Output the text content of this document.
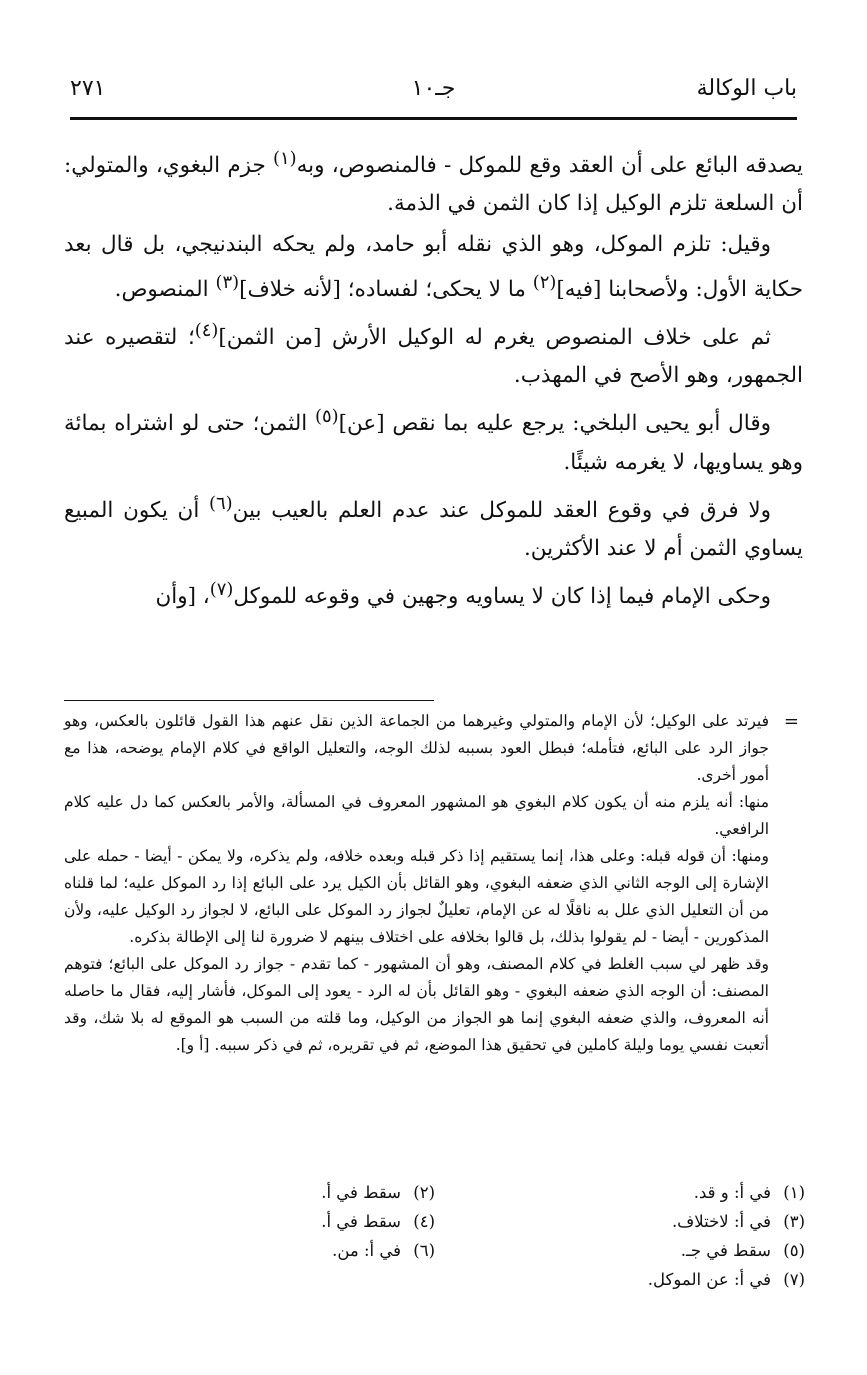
باب الوكالة
جـ١٠
٢٧١

يصدقه البائع على أن العقد وقع للموكل - فالمنصوص، وبه$^{(١)}$ جزم البغوي، والمتولي: أن السلعة تلزم الوكيل إذا كان الثمن في الذمة.

وقيل: تلزم الموكل، وهو الذي نقله أبو حامد، ولم يحكه البندنيجي، بل قال بعد حكاية الأول: ولأصحابنا [فيه]$^{(٢)}$ ما لا يحكى؛ لفساده؛ [لأنه خلاف]$^{(٣)}$ المنصوص.

ثم على خلاف المنصوص يغرم له الوكيل الأرش [من الثمن]$^{(٤)}$؛ لتقصيره عند الجمهور، وهو الأصح في المهذب.

وقال أبو يحيى البلخي: يرجع عليه بما نقص [عن]$^{(٥)}$ الثمن؛ حتى لو اشتراه بمائة وهو يساويها، لا يغرمه شيئًا.

ولا فرق في وقوع العقد للموكل عند عدم العلم بالعيب بين$^{(٦)}$ أن يكون المبيع يساوي الثمن أم لا عند الأكثرين.

وحكى الإمام فيما إذا كان لا يساويه وجهين في وقوعه للموكل$^{(٧)}$، [وأن

=

فيرتد على الوكيل؛ لأن الإمام والمتولي وغيرهما من الجماعة الذين نقل عنهم هذا القول قائلون بالعكس، وهو جواز الرد على البائع، فتأمله؛ فبطل العود بسببه لذلك الوجه، والتعليل الواقع في كلام الإمام يوضحه، هذا مع أمور أخرى.

منها: أنه يلزم منه أن يكون كلام البغوي هو المشهور المعروف في المسألة، والأمر بالعكس كما دل عليه كلام الرافعي.

ومنها: أن قوله قبله: وعلى هذا، إنما يستقيم إذا ذكر قبله وبعده خلافه، ولم يذكره، ولا يمكن - أيضا - حمله على الإشارة إلى الوجه الثاني الذي ضعفه البغوي، وهو القائل بأن الكيل يرد على البائع إذا رد الموكل عليه؛ لما قلناه من أن التعليل الذي علل به ناقلًا له عن الإمام، تعليلٌ لجواز رد الموكل على البائع، لا لجواز رد الوكيل عليه، ولأن المذكورين - أيضا - لم يقولوا بذلك، بل قالوا بخلافه على اختلاف بينهم لا ضرورة لنا إلى الإطالة بذكره.

وقد ظهر لي سبب الغلط في كلام المصنف، وهو أن المشهور - كما تقدم - جواز رد الموكل على البائع؛ فتوهم المصنف: أن الوجه الذي ضعفه البغوي - وهو القائل بأن له الرد - يعود إلى الموكل، فأشار إليه، فقال ما حاصله أنه المعروف، والذي ضعفه البغوي إنما هو الجواز من الوكيل، وما قلته من السبب هو الموقع له بلا شك، وقد أتعبت نفسي يوما وليلة كاملين في تحقيق هذا الموضع، ثم في تقريره، ثم في ذكر سببه. [أ و].

(١)في أ: و قد.
(٢)سقط في أ.
(٣)في أ: لاختلاف.
(٤)سقط في أ.
(٥)سقط في جـ.
(٦)في أ: من.
(٧)في أ: عن الموكل.
